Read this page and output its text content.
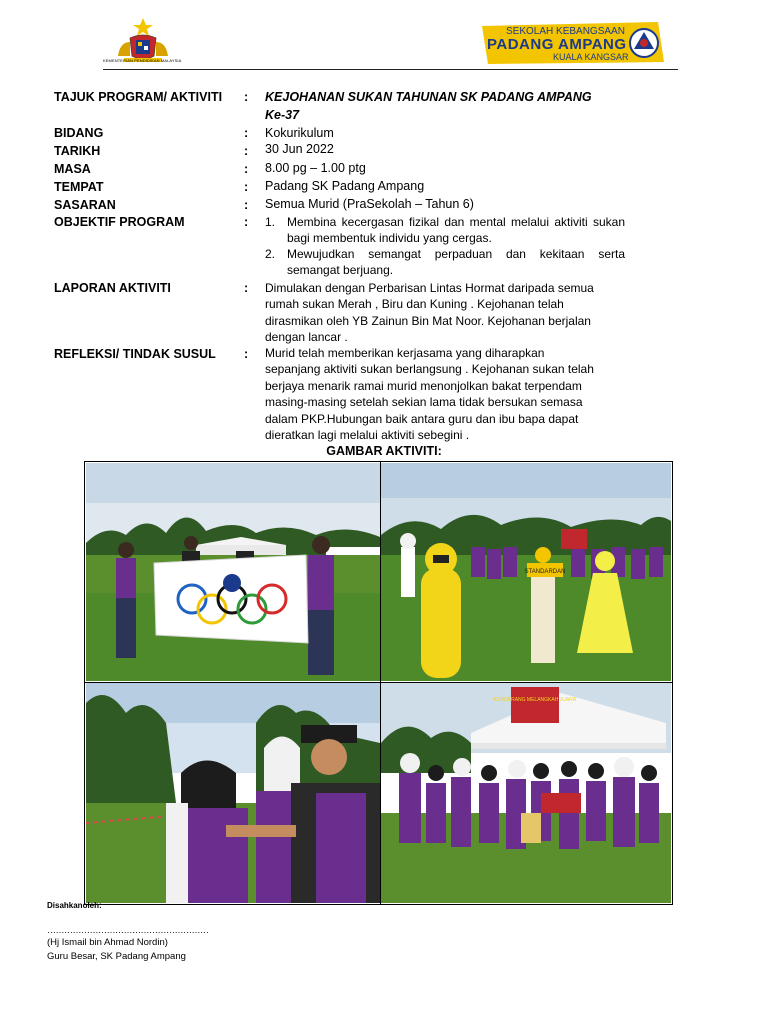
KEMENTERIAN PENDIDIKAN MALAYSIA
SEKOLAH KEBANGSAAN
PADANG AMPANG
KUALA KANGSAR
TAJUK PROGRAM/ AKTIVITI : KEJOHANAN SUKAN TAHUNAN SK PADANG AMPANG
Ke-37
BIDANG	: Kokurikulum
TARIKH	: 30 Jun 2022
MASA	: 8.00 pg – 1.00 ptg
TEMPAT	: Padang SK Padang Ampang
SASARAN	: Semua Murid (PraSekolah – Tahun 6)
OBJEKTIF PROGRAM	: 1. Membina kecergasan fizikal dan mental melalui aktiviti sukan bagi membentuk individu yang cergas.
2. Mewujudkan semangat perpaduan dan kekitaan serta semangat berjuang.
LAPORAN AKTIVITI	: Dimulakan dengan Perbarisan Lintas Hormat daripada semua
rumah sukan Merah , Biru dan Kuning . Kejohanan telah
dirasmikan oleh YB Zainun Bin Mat Noor. Kejohanan berjalan
dengan lancar .
REFLEKSI/ TINDAK SUSUL : Murid telah memberikan kerjasama yang diharapkan
sepanjang aktiviti sukan berlangsung . Kejohanan sukan telah
berjaya menarik ramai murid menonjolkan bakat terpendam
masing-masing setelah sekian lama tidak bersukan semasa
dalam PKP.Hubungan baik antara guru dan ibu bapa dapat
dieratkan lagi melalui aktiviti sebegini .
GAMBAR AKTIVITI:
STANDARDAN
KENDERANG MELANGKAH JUARA
Disahkanoleh:
…………………………………………………
(Hj Ismail bin Ahmad Nordin)
Guru Besar, SK Padang Ampang
